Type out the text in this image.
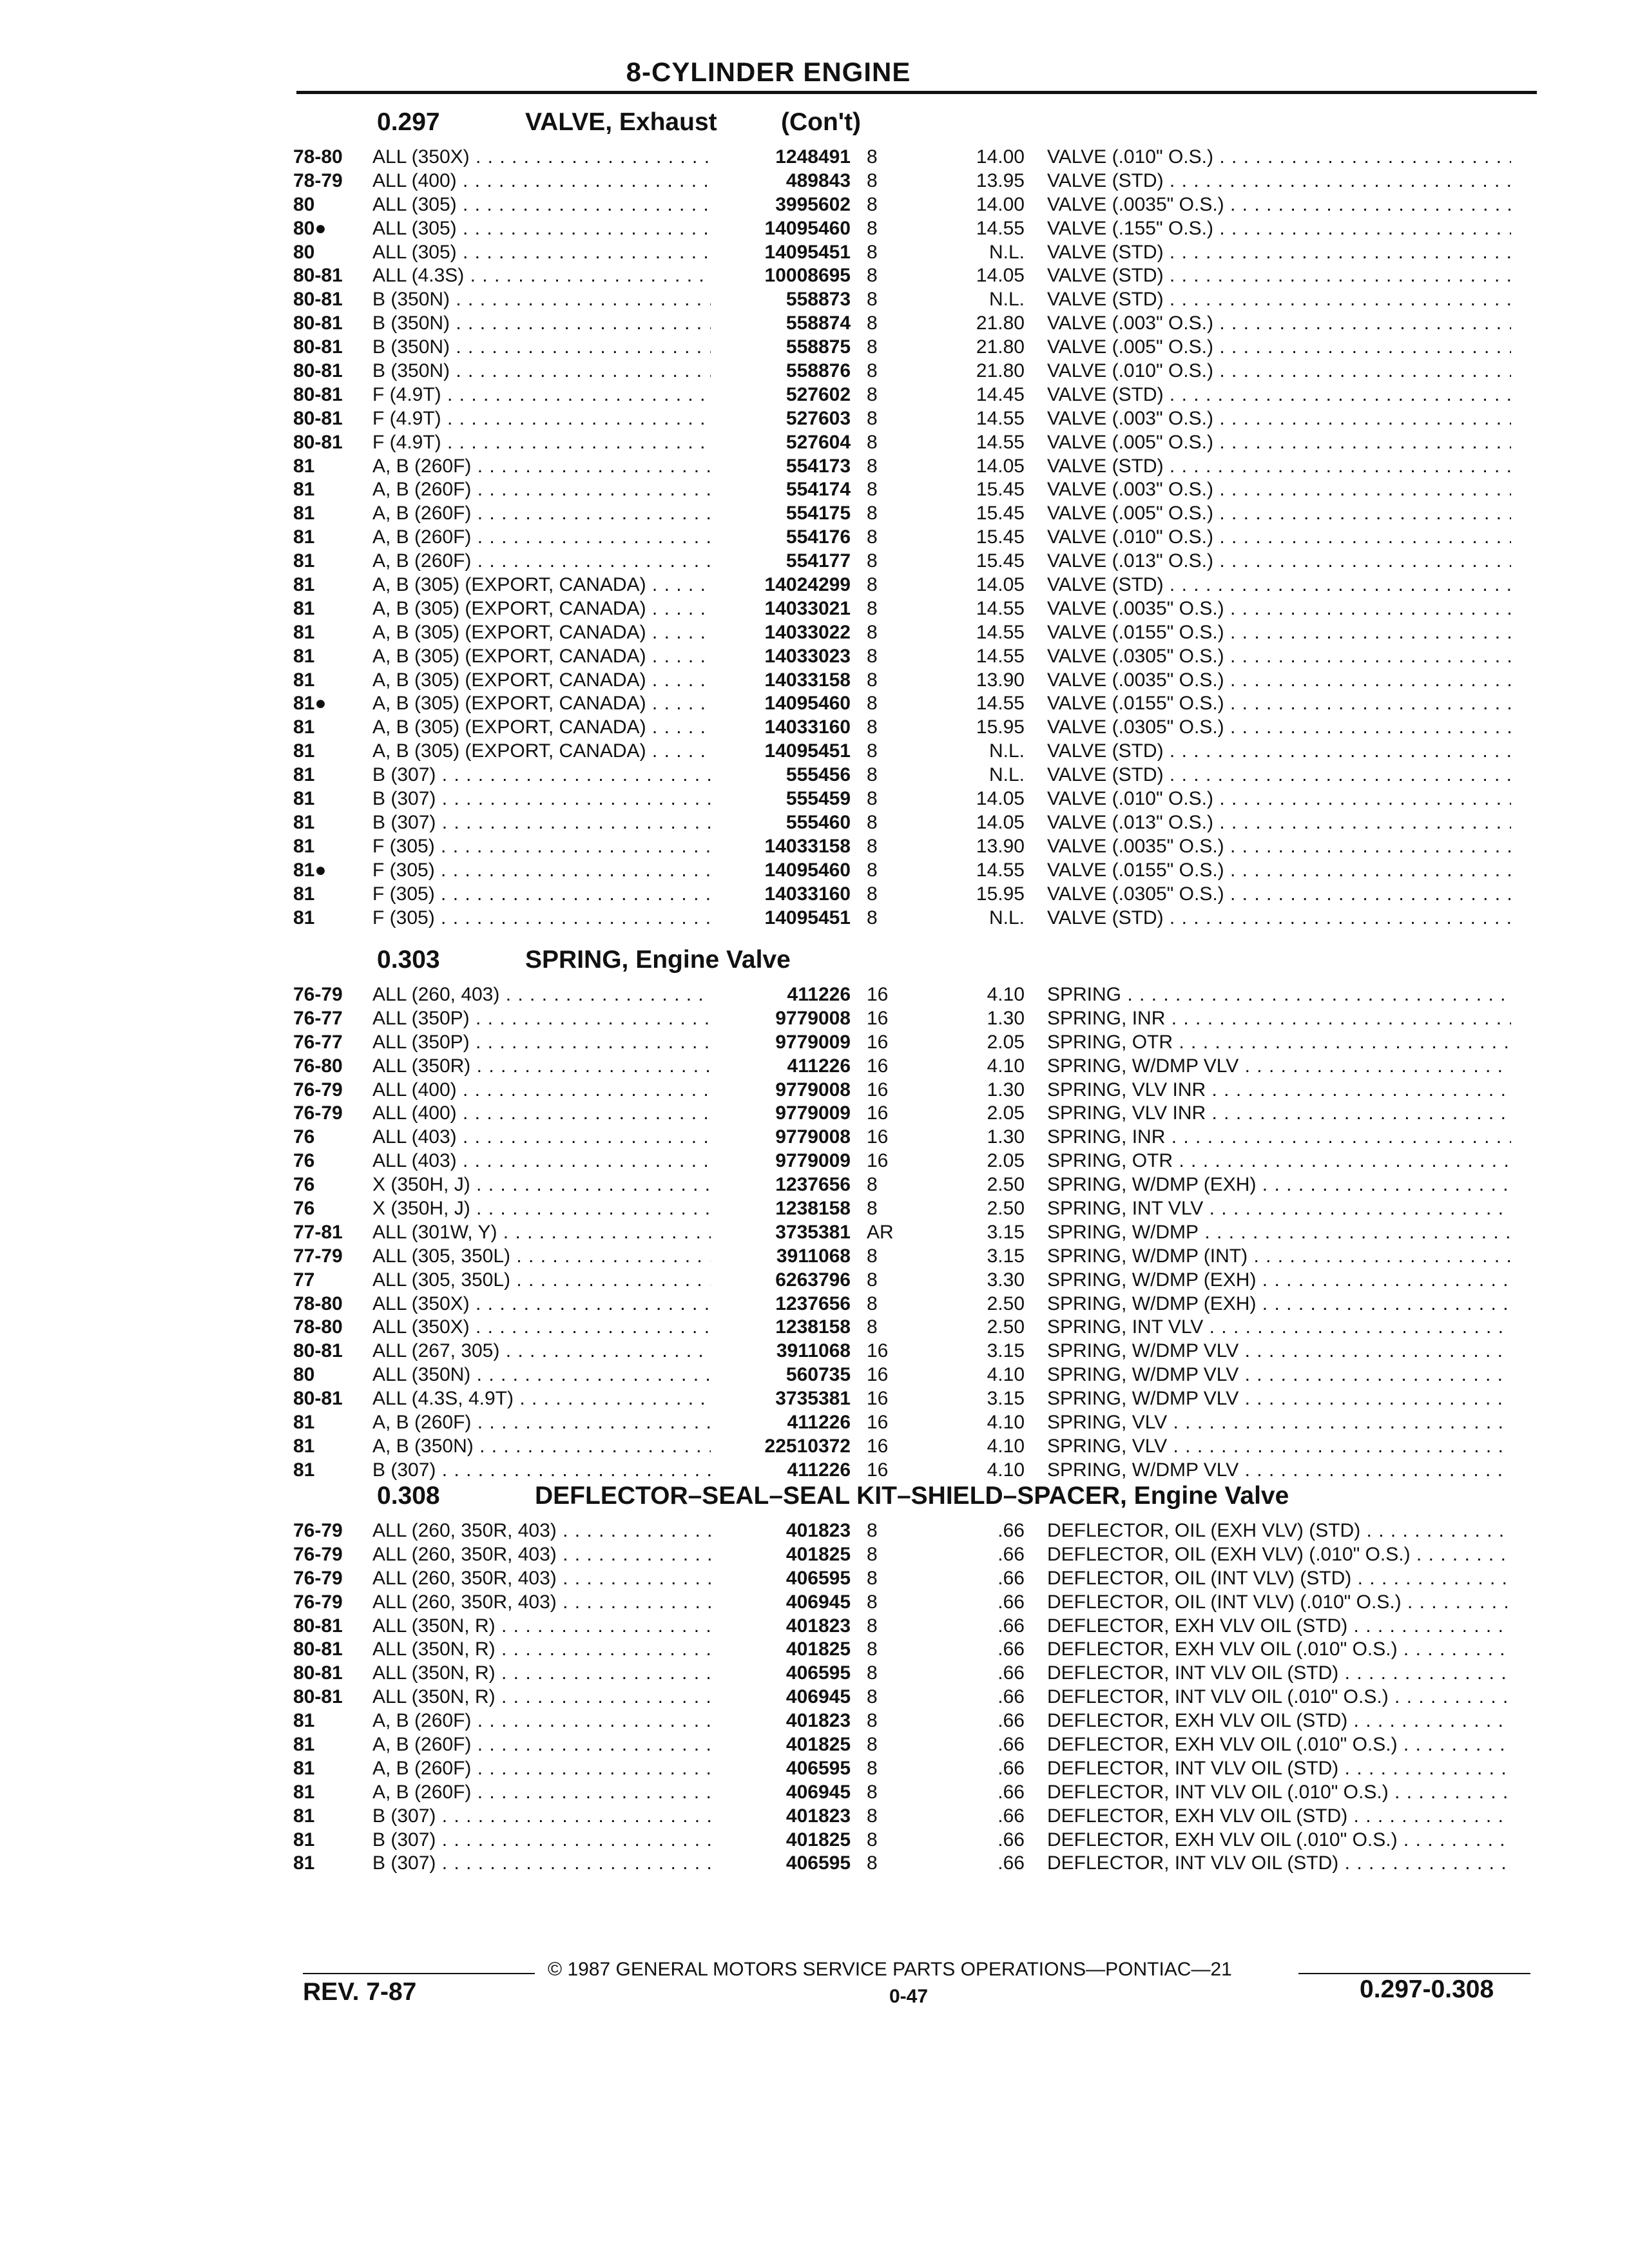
8-CYLINDER ENGINE
0.297	VALVE, Exhaust	(Con't)
78-80	ALL (350X) . . .	1248491 8	14.00 VALVE (.010" O.S.) . . .
78-79	ALL (400) . . .	489843 8	13.95 VALVE (STD) . . .
80	ALL (305) . . .	3995602 8	14.00 VALVE (.0035" O.S.) . . .
80●	ALL (305) . . .	14095460 8	14.55 VALVE (.155" O.S.) . . .
80	ALL (305) . . .	14095451 8	N.L. VALVE (STD) . . .
80-81	ALL (4.3S) . . .	10008695 8	14.05 VALVE (STD) . . .
80-81	B (350N) . . .	558873 8	N.L. VALVE (STD) . . .
80-81	B (350N) . . .	558874 8	21.80 VALVE (.003" O.S.) . . .
80-81	B (350N) . . .	558875 8	21.80 VALVE (.005" O.S.) . . .
80-81	B (350N) . . .	558876 8	21.80 VALVE (.010" O.S.) . . .
80-81	F (4.9T) . . .	527602 8	14.45 VALVE (STD) . . .
80-81	F (4.9T) . . .	527603 8	14.55 VALVE (.003" O.S.) . . .
80-81	F (4.9T) . . .	527604 8	14.55 VALVE (.005" O.S.) . . .
81	A, B (260F) . . .	554173 8	14.05 VALVE (STD) . . .
81	A, B (260F) . . .	554174 8	15.45 VALVE (.003" O.S.) . . .
81	A, B (260F) . . .	554175 8	15.45 VALVE (.005" O.S.) . . .
81	A, B (260F) . . .	554176 8	15.45 VALVE (.010" O.S.) . . .
81	A, B (260F) . . .	554177 8	15.45 VALVE (.013" O.S.) . . .
81	A, B (305) (EXPORT, CANADA) . . .	14024299 8	14.05 VALVE (STD) . . .
81	A, B (305) (EXPORT, CANADA) . . .	14033021 8	14.55 VALVE (.0035" O.S.) . . .
81	A, B (305) (EXPORT, CANADA) . . .	14033022 8	14.55 VALVE (.0155" O.S.) . . .
81	A, B (305) (EXPORT, CANADA) . . .	14033023 8	14.55 VALVE (.0305" O.S.) . . .
81	A, B (305) (EXPORT, CANADA) . . .	14033158 8	13.90 VALVE (.0035" O.S.) . . .
81●	A, B (305) (EXPORT, CANADA) . . .	14095460 8	14.55 VALVE (.0155" O.S.) . . .
81	A, B (305) (EXPORT, CANADA) . . .	14033160 8	15.95 VALVE (.0305" O.S.) . . .
81	A, B (305) (EXPORT, CANADA) . . .	14095451 8	N.L. VALVE (STD) . . .
81	B (307) . . .	555456 8	N.L. VALVE (STD) . . .
81	B (307) . . .	555459 8	14.05 VALVE (.010" O.S.) . . .
81	B (307) . . .	555460 8	14.05 VALVE (.013" O.S.) . . .
81	F (305) . . .	14033158 8	13.90 VALVE (.0035" O.S.) . . .
81●	F (305) . . .	14095460 8	14.55 VALVE (.0155" O.S.) . . .
81	F (305) . . .	14033160 8	15.95 VALVE (.0305" O.S.) . . .
81	F (305) . . .	14095451 8	N.L. VALVE (STD) . . .
0.303	SPRING, Engine Valve
76-79	ALL (260, 403) . . .	411226 16	4.10 SPRING . . .
76-77	ALL (350P) . . .	9779008 16	1.30 SPRING, INR . . .
76-77	ALL (350P) . . .	9779009 16	2.05 SPRING, OTR . . .
76-80	ALL (350R) . . .	411226 16	4.10 SPRING, W/DMP VLV . . .
76-79	ALL (400) . . .	9779008 16	1.30 SPRING, VLV INR . . .
76-79	ALL (400) . . .	9779009 16	2.05 SPRING, VLV INR . . .
76	ALL (403) . . .	9779008 16	1.30 SPRING, INR . . .
76	ALL (403) . . .	9779009 16	2.05 SPRING, OTR . . .
76	X (350H, J) . . .	1237656 8	2.50 SPRING, W/DMP (EXH) . . .
76	X (350H, J) . . .	1238158 8	2.50 SPRING, INT VLV . . .
77-81	ALL (301W, Y) . . .	3735381 AR	3.15 SPRING, W/DMP . . .
77-79	ALL (305, 350L) . . .	3911068 8	3.15 SPRING, W/DMP (INT) . . .
77	ALL (305, 350L) . . .	6263796 8	3.30 SPRING, W/DMP (EXH) . . .
78-80	ALL (350X) . . .	1237656 8	2.50 SPRING, W/DMP (EXH) . . .
78-80	ALL (350X) . . .	1238158 8	2.50 SPRING, INT VLV . . .
80-81	ALL (267, 305) . . .	3911068 16	3.15 SPRING, W/DMP VLV . . .
80	ALL (350N) . . .	560735 16	4.10 SPRING, W/DMP VLV . . .
80-81	ALL (4.3S, 4.9T) . . .	3735381 16	3.15 SPRING, W/DMP VLV . . .
81	A, B (260F) . . .	411226 16	4.10 SPRING, VLV . . .
81	A, B (350N) . . .	22510372 16	4.10 SPRING, VLV . . .
81	B (307) . . .	411226 16	4.10 SPRING, W/DMP VLV . . .
0.308	DEFLECTOR–SEAL–SEAL KIT–SHIELD–SPACER, Engine Valve
76-79	ALL (260, 350R, 403) . . .	401823 8	.66 DEFLECTOR, OIL (EXH VLV) (STD) . . .
76-79	ALL (260, 350R, 403) . . .	401825 8	.66 DEFLECTOR, OIL (EXH VLV) (.010" O.S.) . . .
76-79	ALL (260, 350R, 403) . . .	406595 8	.66 DEFLECTOR, OIL (INT VLV) (STD) . . .
76-79	ALL (260, 350R, 403) . . .	406945 8	.66 DEFLECTOR, OIL (INT VLV) (.010" O.S.) . . .
80-81	ALL (350N, R) . . .	401823 8	.66 DEFLECTOR, EXH VLV OIL (STD) . . .
80-81	ALL (350N, R) . . .	401825 8	.66 DEFLECTOR, EXH VLV OIL (.010" O.S.) . . .
80-81	ALL (350N, R) . . .	406595 8	.66 DEFLECTOR, INT VLV OIL (STD) . . .
80-81	ALL (350N, R) . . .	406945 8	.66 DEFLECTOR, INT VLV OIL (.010" O.S.) . . .
81	A, B (260F) . . .	401823 8	.66 DEFLECTOR, EXH VLV OIL (STD) . . .
81	A, B (260F) . . .	401825 8	.66 DEFLECTOR, EXH VLV OIL (.010" O.S.) . . .
81	A, B (260F) . . .	406595 8	.66 DEFLECTOR, INT VLV OIL (STD) . . .
81	A, B (260F) . . .	406945 8	.66 DEFLECTOR, INT VLV OIL (.010" O.S.) . . .
81	B (307) . . .	401823 8	.66 DEFLECTOR, EXH VLV OIL (STD) . . .
81	B (307) . . .	401825 8	.66 DEFLECTOR, EXH VLV OIL (.010" O.S.) . . .
81	B (307) . . .	406595 8	.66 DEFLECTOR, INT VLV OIL (STD) . . .
© 1987 GENERAL MOTORS SERVICE PARTS OPERATIONS—PONTIAC—21
REV. 7-87	0-47	0.297-0.308
